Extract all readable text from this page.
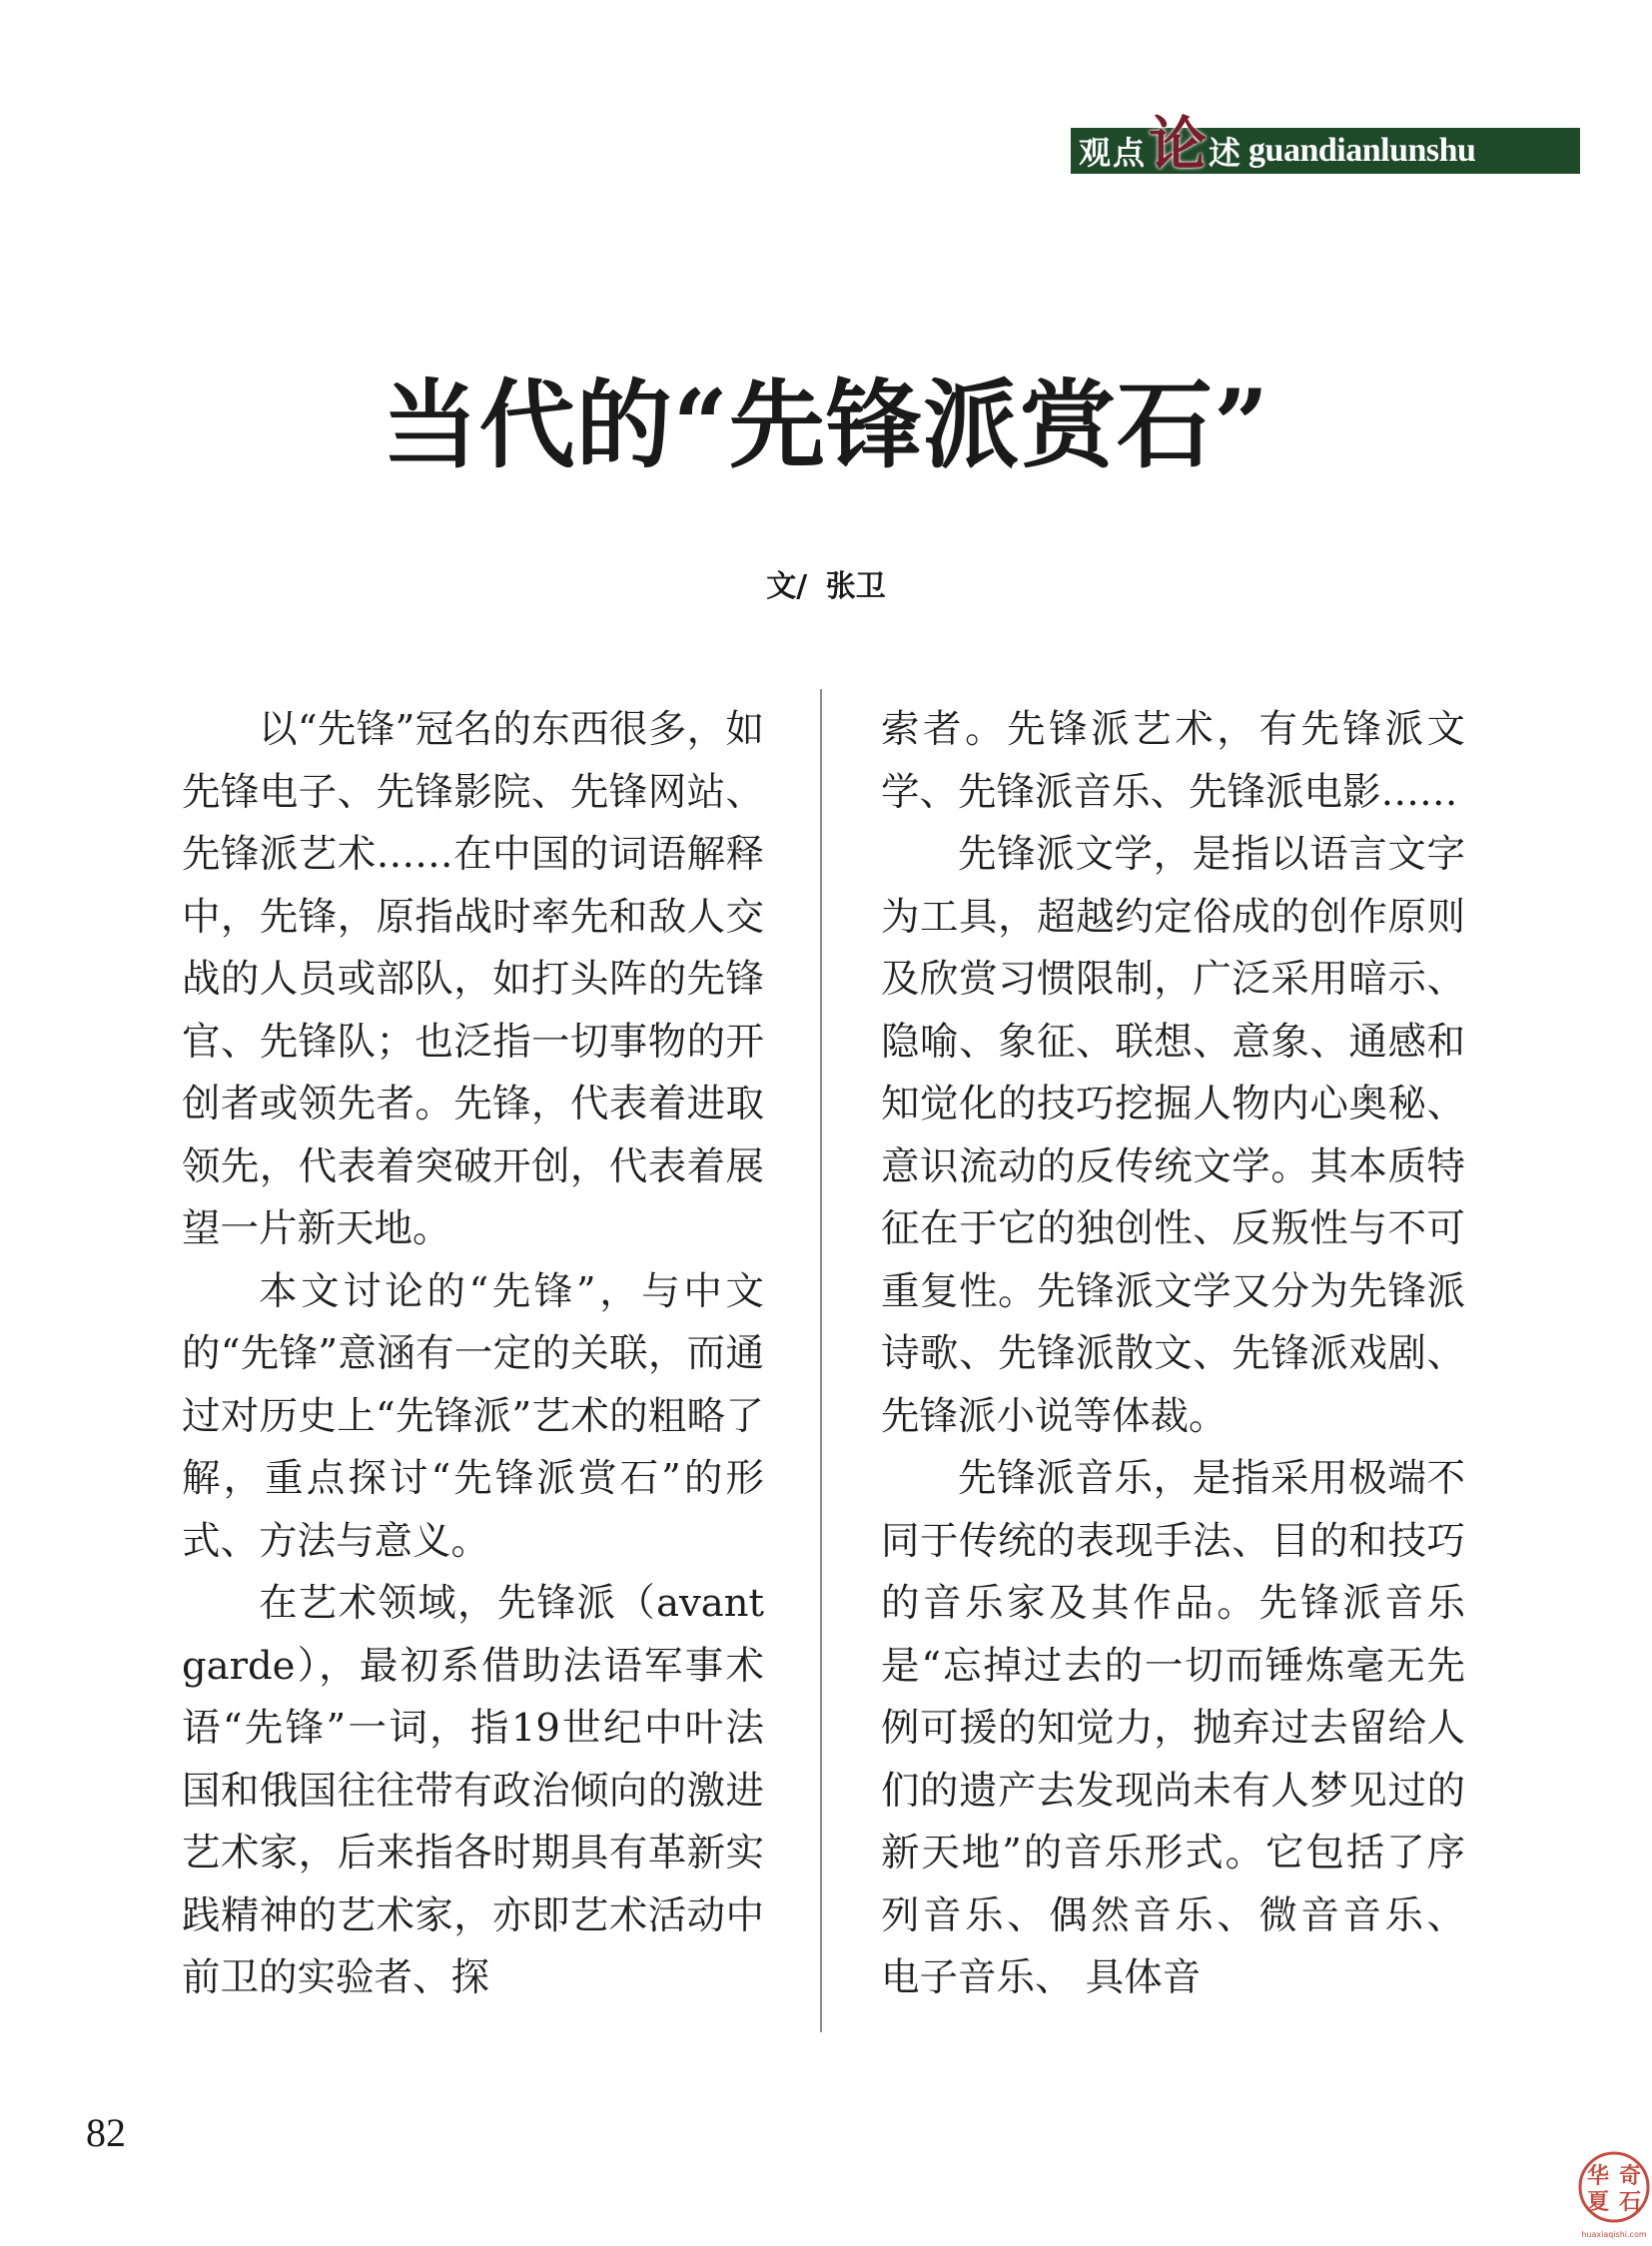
观点 论 述 guandianlunshu
当代的“先锋派赏石”
文/ 张卫

以“先锋”冠名的东西很多，如先锋电子、先锋影院、先锋网站、先锋派艺术……在中国的词语解释中，先锋，原指战时率先和敌人交战的人员或部队，如打头阵的先锋官、先锋队；也泛指一切事物的开创者或领先者。先锋，代表着进取领先，代表着突破开创，代表着展望一片新天地。

本文讨论的“先锋”，与中文的“先锋”意涵有一定的关联，而通过对历史上“先锋派”艺术的粗略了解，重点探讨“先锋派赏石”的形式、方法与意义。

在艺术领域，先锋派（avant garde），最初系借助法语军事术语“先锋”一词，指19世纪中叶法国和俄国往往带有政治倾向的激进艺术家，后来指各时期具有革新实践精神的艺术家，亦即艺术活动中前卫的实验者、探

索者。先锋派艺术，有先锋派文学、先锋派音乐、先锋派电影……

先锋派文学，是指以语言文字为工具，超越约定俗成的创作原则及欣赏习惯限制，广泛采用暗示、隐喻、象征、联想、意象、通感和知觉化的技巧挖掘人物内心奥秘、意识流动的反传统文学。其本质特征在于它的独创性、反叛性与不可重复性。先锋派文学又分为先锋派诗歌、先锋派散文、先锋派戏剧、先锋派小说等体裁。

先锋派音乐，是指采用极端不同于传统的表现手法、目的和技巧的音乐家及其作品。先锋派音乐是“忘掉过去的一切而锤炼毫无先例可援的知觉力，抛弃过去留给人们的遗产去发现尚未有人梦见过的新天地”的音乐形式。它包括了序列音乐、偶然音乐、微音音乐、 电子音乐、 具体音

82
华 奇
夏 石
huaxiaqishi.com
